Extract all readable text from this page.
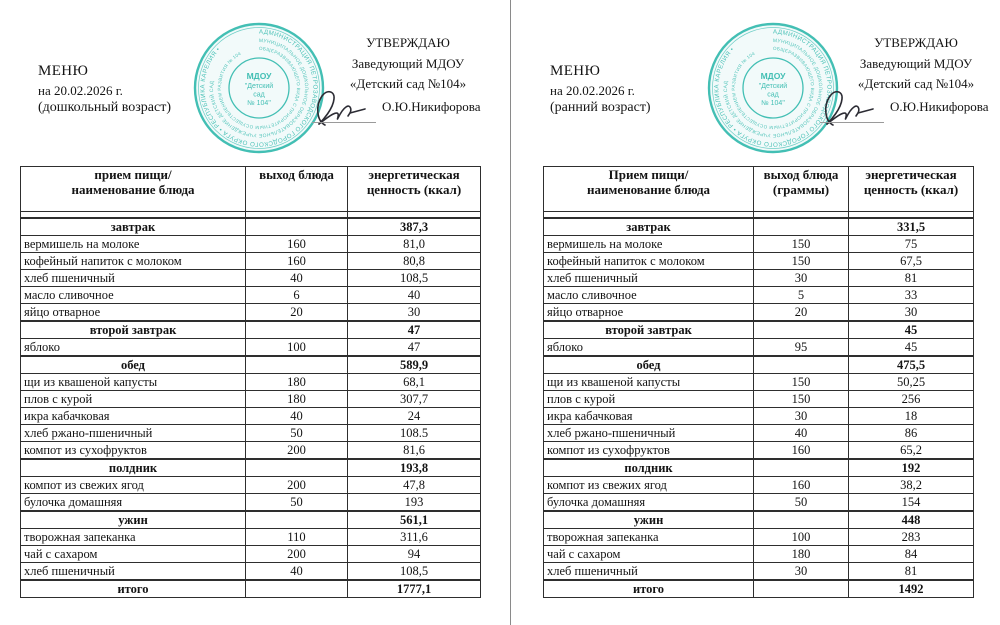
МЕНЮ
на 20.02.2026 г.
(дошкольный возраст)
АДМИНИСТРАЦИЯ ПЕТРОЗАВОДСКОГО ГОРОДСКОГО ОКРУГА • РЕСПУБЛИКА КАРЕЛИЯ •
МУНИЦИПАЛЬНОЕ ДОШКОЛЬНОЕ ОБРАЗОВАТЕЛЬНОЕ УЧРЕЖДЕНИЕ ДЕТСКИЙ САД
ОБЩЕРАЗВИВАЮЩЕГО ВИДА С ПРИОРИТЕТНЫМ ОСУЩЕСТВЛЕНИЕМ РАЗВИТИЯ № 104
МДОУ
"Детский
сад
№ 104"
УТВЕРЖДАЮ
Заведующий МДОУ
«Детский сад №104»
О.Ю.Никифорова
прием пищи/
наименование блюда	выход блюда	энергетическая
ценность (ккал)

завтрак		387,3
вермишель на молоке	160	81,0
кофейный напиток с молоком	160	80,8
хлеб пшеничный	40	108,5
масло сливочное	6	40
яйцо отварное	20	30
второй завтрак		47
яблоко	100	47
обед		589,9
щи из квашеной капусты	180	68,1
плов с курой	180	307,7
икра кабачковая	40	24
хлеб ржано-пшеничный	50	108.5
компот из сухофруктов	200	81,6
полдник		193,8
компот из свежих ягод	200	47,8
булочка домашняя	50	193
ужин		561,1
творожная запеканка	110	311,6
чай с сахаром	200	94
хлеб пшеничный	40	108,5
итого		1777,1
МЕНЮ
на 20.02.2026 г.
(ранний возраст)
АДМИНИСТРАЦИЯ ПЕТРОЗАВОДСКОГО ГОРОДСКОГО ОКРУГА • РЕСПУБЛИКА КАРЕЛИЯ •
МУНИЦИПАЛЬНОЕ ДОШКОЛЬНОЕ ОБРАЗОВАТЕЛЬНОЕ УЧРЕЖДЕНИЕ ДЕТСКИЙ САД
ОБЩЕРАЗВИВАЮЩЕГО ВИДА С ПРИОРИТЕТНЫМ ОСУЩЕСТВЛЕНИЕМ РАЗВИТИЯ № 104
МДОУ
"Детский
сад
№ 104"
УТВЕРЖДАЮ
Заведующий МДОУ
«Детский сад №104»
О.Ю.Никифорова
Прием пищи/
наименование блюда	выход блюда
(граммы)	энергетическая
ценность (ккал)

завтрак		331,5
вермишель на молоке	150	75
кофейный напиток с молоком	150	67,5
хлеб пшеничный	30	81
масло сливочное	5	33
яйцо отварное	20	30
второй завтрак		45
яблоко	95	45
обед		475,5
щи из квашеной капусты	150	50,25
плов с курой	150	256
икра кабачковая	30	18
хлеб ржано-пшеничный	40	86
компот из сухофруктов	160	65,2
полдник		192
компот из свежих ягод	160	38,2
булочка домашняя	50	154
ужин		448
творожная запеканка	100	283
чай с сахаром	180	84
хлеб пшеничный	30	81
итого		1492
